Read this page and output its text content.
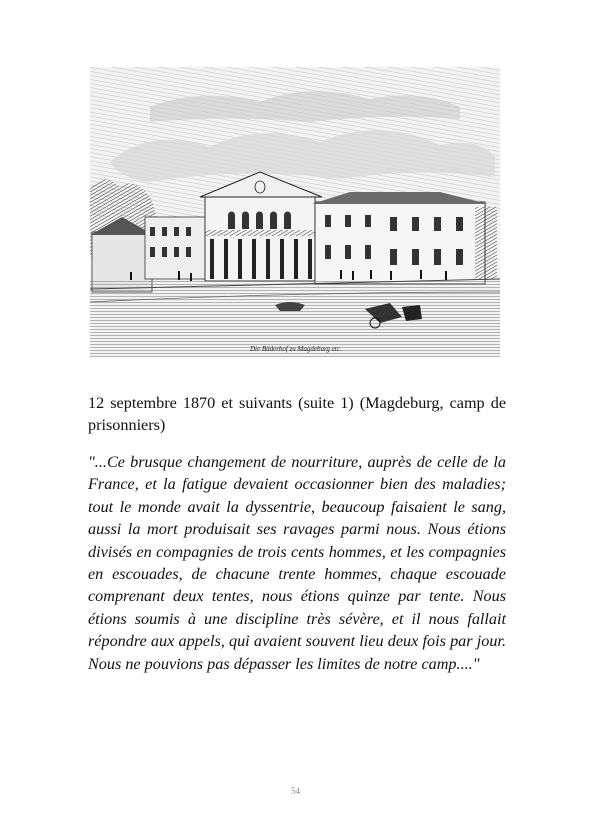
Die Bäderhof zu Magdeburg etc.

12 septembre 1870 et suivants (suite 1) (Magdeburg, camp de prisonniers)

"...Ce brusque changement de nourriture, auprès de celle de la France, et la fatigue devaient occasionner bien des maladies; tout le monde avait la dyssentrie, beaucoup faisaient le sang, aussi la mort produisait ses ravages parmi nous. Nous étions divisés en compagnies de trois cents hommes, et les compagnies en escouades, de chacune trente hommes, chaque escouade comprenant deux tentes, nous étions quinze par tente. Nous étions soumis à une discipline très sévère, et il nous fallait répondre aux appels, qui avaient souvent lieu deux fois par jour. Nous ne pouvions pas dépasser les limites de notre camp...."

54
